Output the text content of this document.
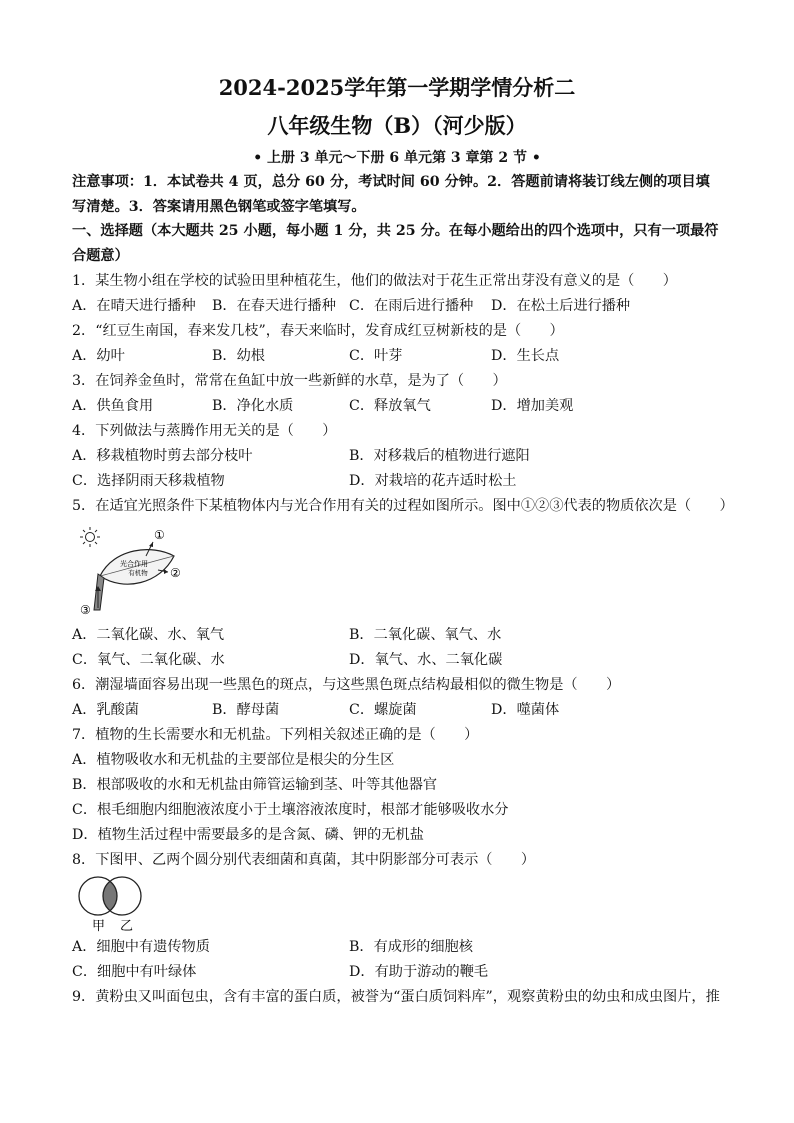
2024-2025学年第一学期学情分析二
八年级生物（B）（河少版）
• 上册 3 单元～下册 6 单元第 3 章第 2 节 •
注意事项：1．本试卷共 4 页，总分 60 分，考试时间 60 分钟。2．答题前请将装订线左侧的项目填写清楚。3．答案请用黑色钢笔或签字笔填写。
一、选择题（本大题共 25 小题，每小题 1 分，共 25 分。在每小题给出的四个选项中，只有一项最符合题意）
1．某生物小组在学校的试验田里种植花生，他们的做法对于花生正常出芽没有意义的是（　　）
A．在晴天进行播种 B．在春天进行播种 C．在雨后进行播种 D．在松土后进行播种
2．“红豆生南国，春来发几枝”，春天来临时，发育成红豆树新枝的是（　　）
A．幼叶	B．幼根	C．叶芽	D．生长点
3．在饲养金鱼时，常常在鱼缸中放一些新鲜的水草，是为了（　　）
A．供鱼食用	B．净化水质	C．释放氧气	D．增加美观
4．下列做法与蒸腾作用无关的是（　　）
A．移栽植物时剪去部分枝叶	B．对移栽后的植物进行遮阳
C．选择阴雨天移栽植物	D．对栽培的花卉适时松土
5．在适宜光照条件下某植物体内与光合作用有关的过程如图所示。图中①②③代表的物质依次是（　　）
光合作用
有机物
①
②
③
A．二氧化碳、水、氧气	B．二氧化碳、氧气、水
C．氧气、二氧化碳、水	D．氧气、水、二氧化碳
6．潮湿墙面容易出现一些黑色的斑点，与这些黑色斑点结构最相似的微生物是（　　）
A．乳酸菌	B．酵母菌	C．螺旋菌	D．噬菌体
7．植物的生长需要水和无机盐。下列相关叙述正确的是（　　）
A．植物吸收水和无机盐的主要部位是根尖的分生区
B．根部吸收的水和无机盐由筛管运输到茎、叶等其他器官
C．根毛细胞内细胞液浓度小于土壤溶液浓度时，根部才能够吸收水分
D．植物生活过程中需要最多的是含氮、磷、钾的无机盐
8．下图甲、乙两个圆分别代表细菌和真菌，其中阴影部分可表示（　　）
甲 乙
A．细胞中有遗传物质	B．有成形的细胞核
C．细胞中有叶绿体	D．有助于游动的鞭毛
9．黄粉虫又叫面包虫，含有丰富的蛋白质，被誉为“蛋白质饲料库”，观察黄粉虫的幼虫和成虫图片，推
